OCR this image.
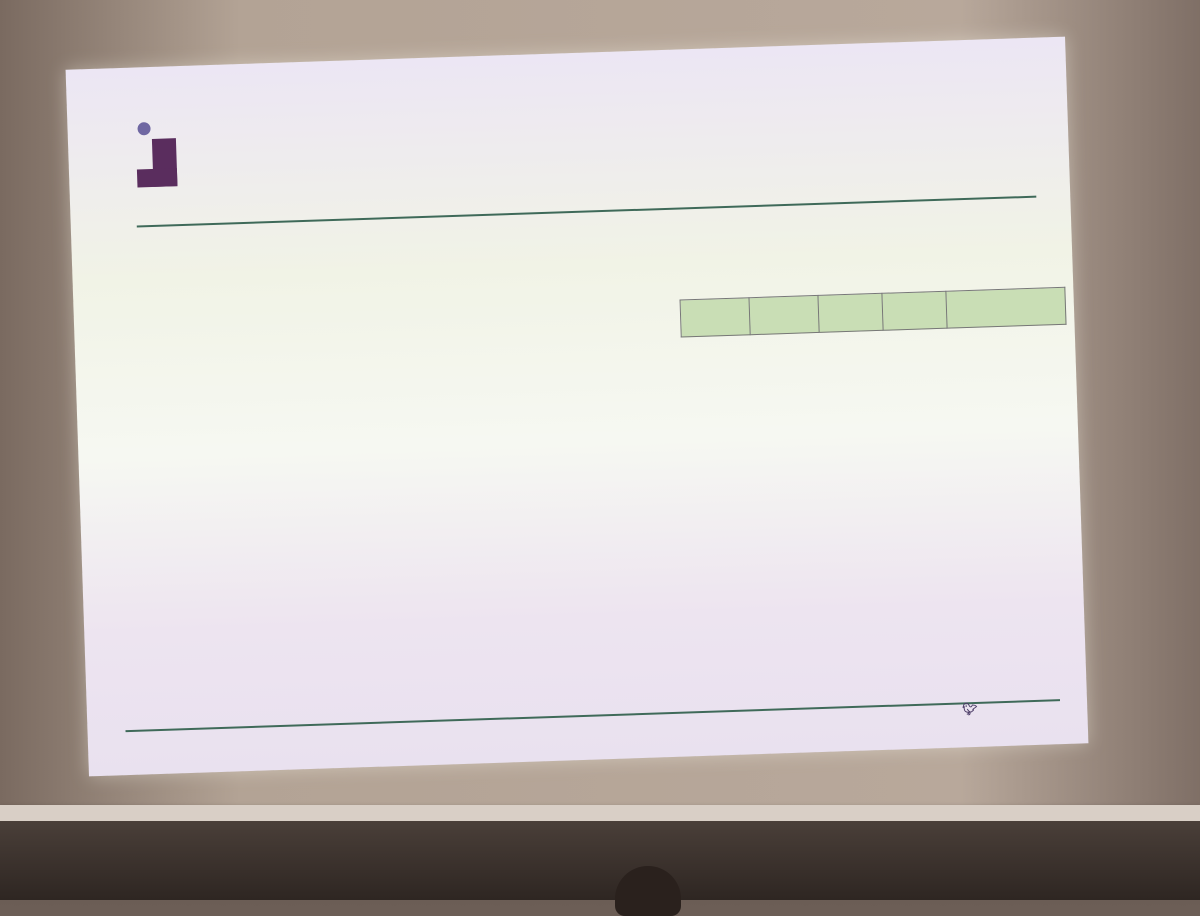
🐦︎
